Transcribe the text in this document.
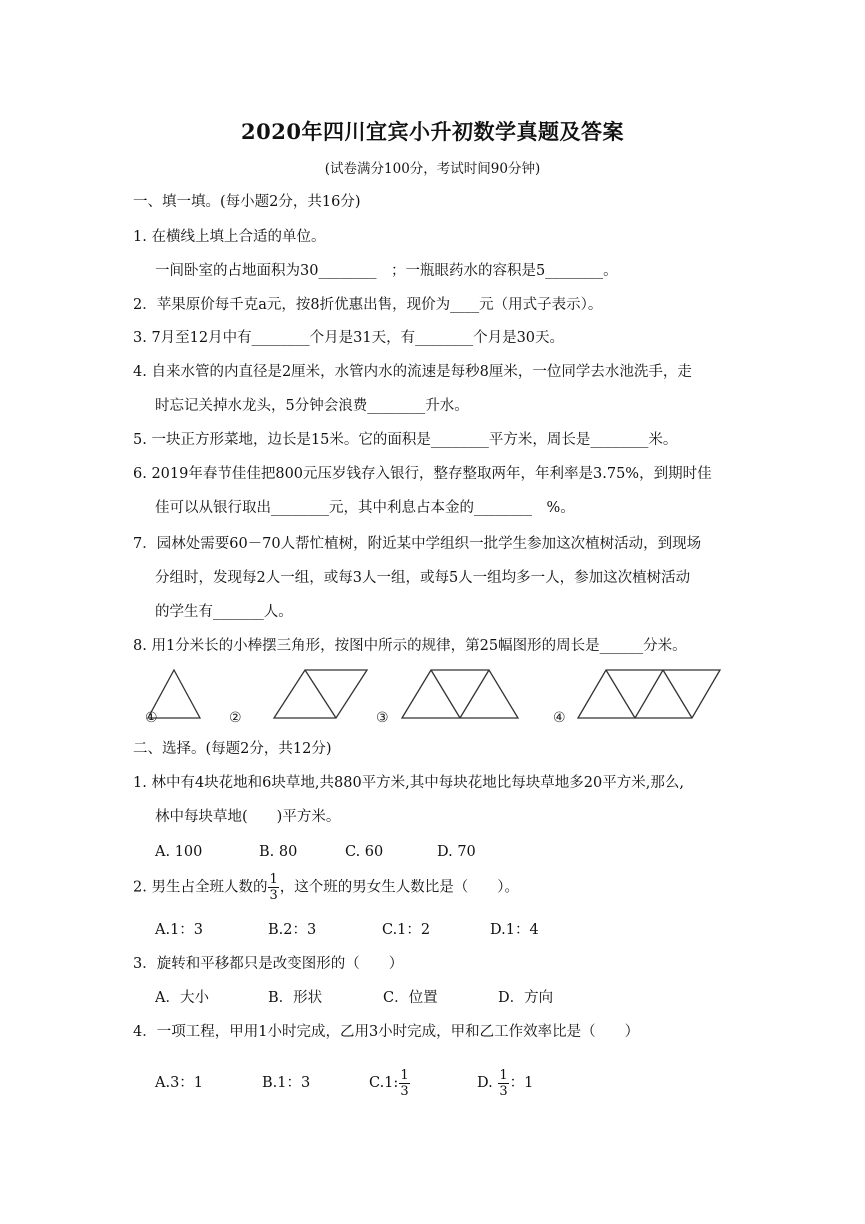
2020年四川宜宾小升初数学真题及答案
(试卷满分100分，考试时间90分钟)
一、填一填。(每小题2分，共16分)
1. 在横线上填上合适的单位。
一间卧室的占地面积为30________　；一瓶眼药水的容积是5________。
2．苹果原价每千克a元，按8折优惠出售，现价为____元（用式子表示）。
3. 7月至12月中有________个月是31天，有________个月是30天。
4. 自来水管的内直径是2厘米，水管内水的流速是每秒8厘米，一位同学去水池洗手，走
时忘记关掉水龙头，5分钟会浪费________升水。
5. 一块正方形菜地，边长是15米。它的面积是________平方米，周长是________米。
6. 2019年春节佳佳把800元压岁钱存入银行，整存整取两年，年利率是3.75%，到期时佳
佳可以从银行取出________元，其中利息占本金的________　%。
7．园林处需要60－70人帮忙植树，附近某中学组织一批学生参加这次植树活动，到现场
分组时，发现每2人一组，或每3人一组，或每5人一组均多一人，参加这次植树活动
的学生有_______人。
8. 用1分米长的小棒摆三角形，按图中所示的规律，第25幅图形的周长是______分米。
①	②	③	④
二、选择。(每题2分，共12分)
1. 林中有4块花地和6块草地,共880平方米,其中每块花地比每块草地多20平方米,那么,
林中每块草地(　　)平方米。
A. 100	B. 80	C. 60	D. 70
2. 男生占全班人数的 $\frac{1}{3}$ ，这个班的男女生人数比是（　　）。
A.1：3	B.2：3	C.1：2	D.1：4
3．旋转和平移都只是改变图形的（　　）
A．大小	B．形状	C．位置	D．方向
4．一项工程，甲用1小时完成，乙用3小时完成，甲和乙工作效率比是（　　）
A.3：1	B.1：3	C.1: $\frac{1}{3}$	D. $\frac{1}{3}$ ：1
